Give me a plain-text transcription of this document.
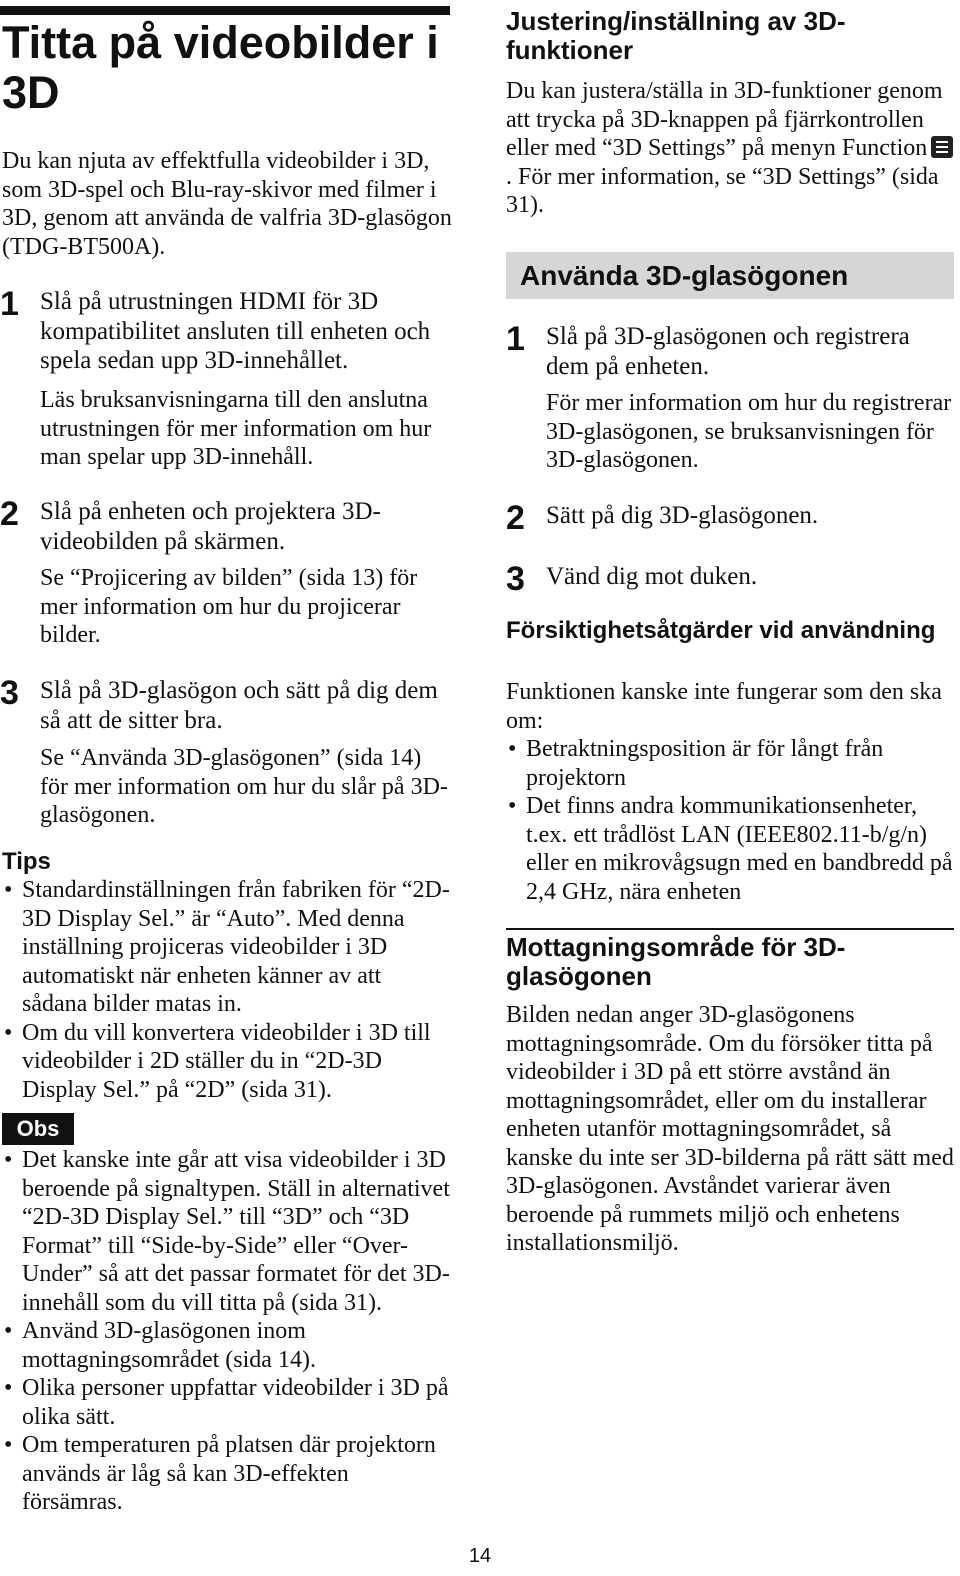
Titta på videobilder i 3D
Du kan njuta av effektfulla videobilder i 3D, som 3D-spel och Blu-ray-skivor med filmer i 3D, genom att använda de valfria 3D-glasögon (TDG-BT500A).
1 Slå på utrustningen HDMI för 3D kompatibilitet ansluten till enheten och spela sedan upp 3D-innehållet.
Läs bruksanvisningarna till den anslutna utrustningen för mer information om hur man spelar upp 3D-innehåll.
2 Slå på enheten och projektera 3D-videobilden på skärmen.
Se “Projicering av bilden” (sida 13) för mer information om hur du projicerar bilder.
3 Slå på 3D-glasögon och sätt på dig dem så att de sitter bra.
Se “Använda 3D-glasögonen” (sida 14) för mer information om hur du slår på 3D-glasögonen.
Tips
• Standardinställningen från fabriken för “2D-3D Display Sel.” är “Auto”. Med denna inställning projiceras videobilder i 3D automatiskt när enheten känner av att sådana bilder matas in.
• Om du vill konvertera videobilder i 3D till videobilder i 2D ställer du in “2D-3D Display Sel.” på “2D” (sida 31).
Obs
• Det kanske inte går att visa videobilder i 3D beroende på signaltypen. Ställ in alternativet “2D-3D Display Sel.” till “3D” och “3D Format” till “Side-by-Side” eller “Over-Under” så att det passar formatet för det 3D-innehåll som du vill titta på (sida 31).
• Använd 3D-glasögonen inom mottagningsområdet (sida 14).
• Olika personer uppfattar videobilder i 3D på olika sätt.
• Om temperaturen på platsen där projektorn används är låg så kan 3D-effekten försämras.
Justering/inställning av 3D-funktioner
Du kan justera/ställa in 3D-funktioner genom att trycka på 3D-knappen på fjärrkontrollen eller med “3D Settings” på menyn Function
. För mer information, se “3D Settings” (sida 31).
Använda 3D-glasögonen
1 Slå på 3D-glasögonen och registrera dem på enheten.
För mer information om hur du registrerar 3D-glasögonen, se bruksanvisningen för 3D-glasögonen.
2 Sätt på dig 3D-glasögonen.
3 Vänd dig mot duken.
Försiktighetsåtgärder vid användning
Funktionen kanske inte fungerar som den ska om:
• Betraktningsposition är för långt från projektorn
• Det finns andra kommunikationsenheter, t.ex. ett trådlöst LAN (IEEE802.11-b/g/n) eller en mikrovågsugn med en bandbredd på 2,4 GHz, nära enheten
Mottagningsområde för 3D-glasögonen
Bilden nedan anger 3D-glasögonens mottagningsområde. Om du försöker titta på videobilder i 3D på ett större avstånd än mottagningsområdet, eller om du installerar enheten utanför mottagningsområdet, så kanske du inte ser 3D-bilderna på rätt sätt med 3D-glasögonen. Avståndet varierar även beroende på rummets miljö och enhetens installationsmiljö.
14
